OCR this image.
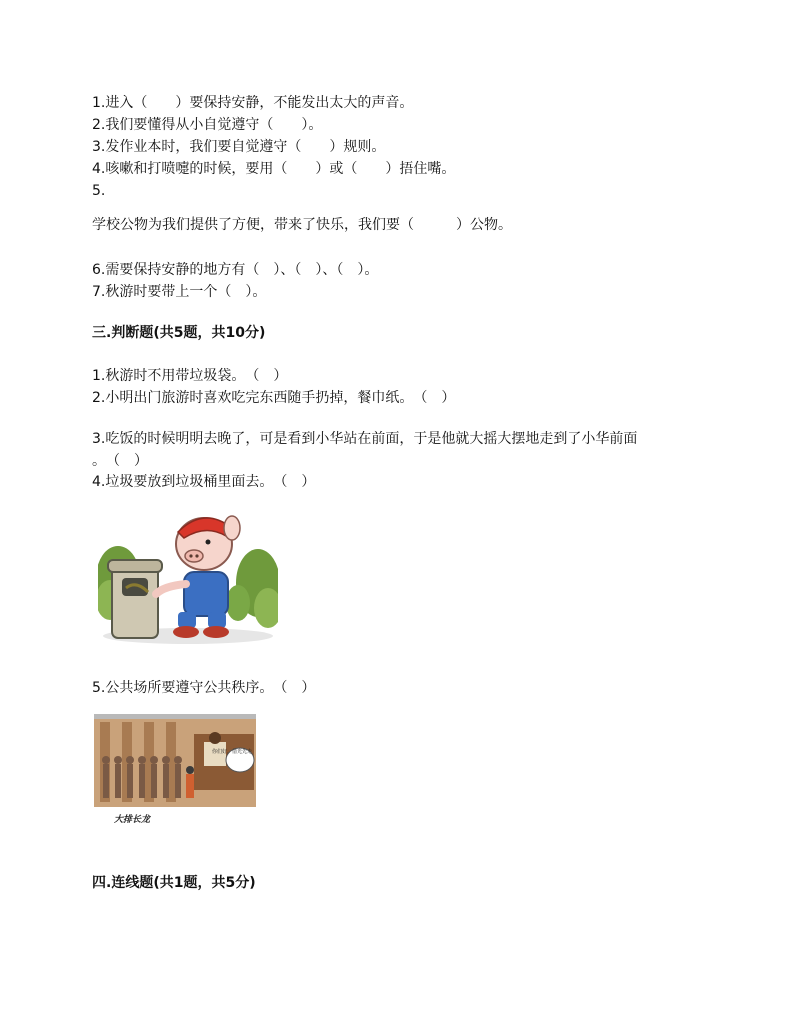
1.进入（　　）要保持安静，不能发出太大的声音。
2.我们要懂得从小自觉遵守（　　）。
3.发作业本时，我们要自觉遵守（　　）规则。
4.咳嗽和打喷嚏的时候，要用（　　）或（　　）捂住嘴。
5.
学校公物为我们提供了方便，带来了快乐，我们要（　　　）公物。
6.需要保持安静的地方有（　）、（　）、（　）。
7.秋游时要带上一个（　）。
三.判断题(共5题，共10分)
1.秋游时不用带垃圾袋。　（　）
2.小明出门旅游时喜欢吃完东西随手扔掉，餐巾纸。　（　）
3.吃饭的时候明明去晚了，可是看到小华站在前面，于是他就大摇大摆地走到了小华前面
。　（　）
4.垃圾要放到垃圾桶里面去。　（　）
5.公共场所要遵守公共秩序。　（　）
你们好，借光先走
大排长龙
四.连线题(共1题，共5分)
